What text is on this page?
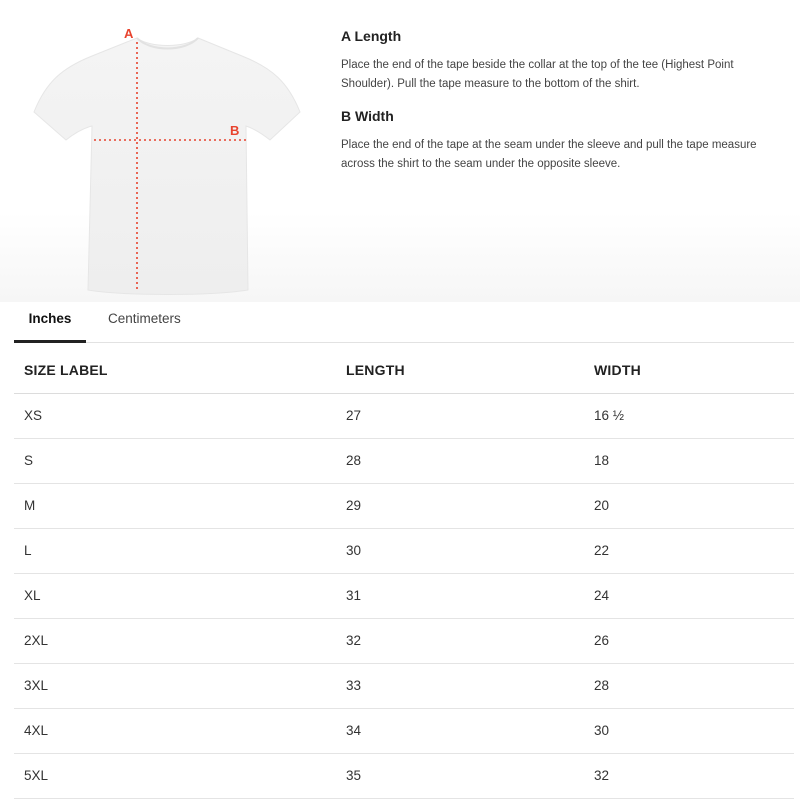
A
B
A Length

Place the end of the tape beside the collar at the top of the tee (Highest Point Shoulder). Pull the tape measure to the bottom of the shirt.

B Width

Place the end of the tape at the seam under the sleeve and pull the tape measure across the shirt to the seam under the opposite sleeve.

Inches	Centimeters
SIZE LABEL	LENGTH	WIDTH
XS	27	16 ½
S	28	18
M	29	20
L	30	22
XL	31	24
2XL	32	26
3XL	33	28
4XL	34	30
5XL	35	32
